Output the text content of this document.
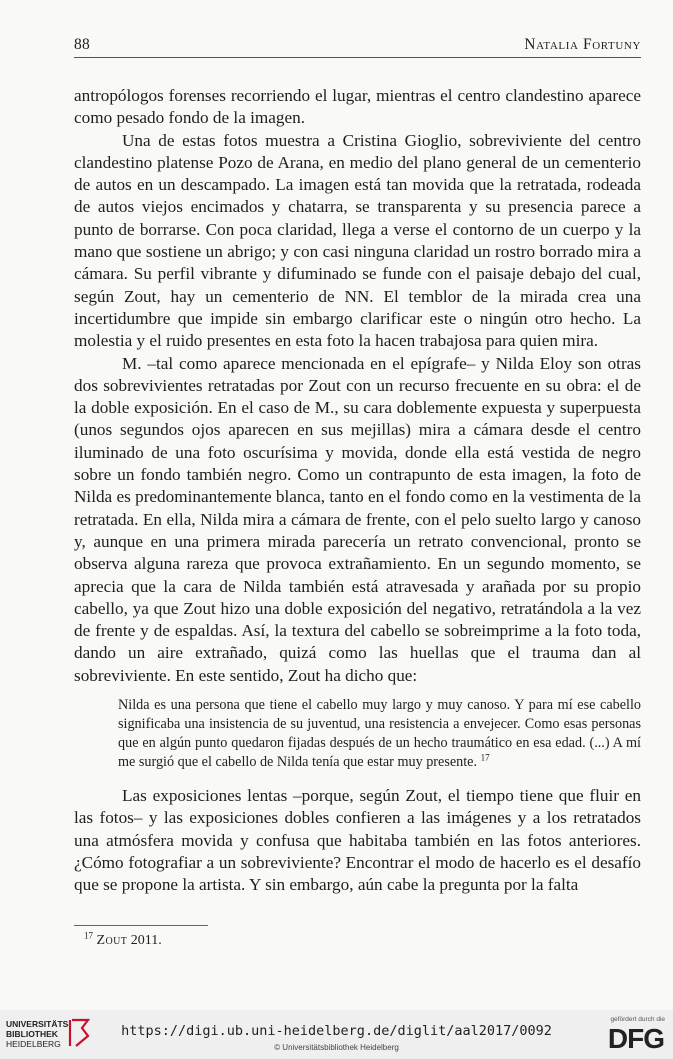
88	Natalia Fortuny

antropólogos forenses recorriendo el lugar, mientras el centro clandestino aparece como pesado fondo de la imagen.

Una de estas fotos muestra a Cristina Gioglio, sobreviviente del centro clandestino platense Pozo de Arana, en medio del plano general de un cementerio de autos en un descampado. La imagen está tan movida que la retratada, rodeada de autos viejos encimados y chatarra, se transparenta y su presencia parece a punto de borrarse. Con poca claridad, llega a verse el contorno de un cuerpo y la mano que sostiene un abrigo; y con casi ninguna claridad un rostro borrado mira a cámara. Su perfil vibrante y difuminado se funde con el paisaje debajo del cual, según Zout, hay un cementerio de NN. El temblor de la mirada crea una incertidumbre que impide sin embargo clarificar este o ningún otro hecho. La molestia y el ruido presentes en esta foto la hacen trabajosa para quien mira.

M. –tal como aparece mencionada en el epígrafe– y Nilda Eloy son otras dos sobrevivientes retratadas por Zout con un recurso frecuente en su obra: el de la doble exposición. En el caso de M., su cara doblemente expuesta y superpuesta (unos segundos ojos aparecen en sus mejillas) mira a cámara desde el centro iluminado de una foto oscurísima y movida, donde ella está vestida de negro sobre un fondo también negro. Como un contrapunto de esta imagen, la foto de Nilda es predominantemente blanca, tanto en el fondo como en la vestimenta de la retratada. En ella, Nilda mira a cámara de frente, con el pelo suelto largo y canoso y, aunque en una primera mirada parecería un retrato convencional, pronto se observa alguna rareza que provoca extrañamiento. En un segundo momento, se aprecia que la cara de Nilda también está atravesada y arañada por su propio cabello, ya que Zout hizo una doble exposición del negativo, retratándola a la vez de frente y de espaldas. Así, la textura del cabello se sobreimprime a la foto toda, dando un aire extrañado, quizá como las huellas que el trauma dan al sobreviviente. En este sentido, Zout ha dicho que:

Nilda es una persona que tiene el cabello muy largo y muy canoso. Y para mí ese cabello significaba una insistencia de su juventud, una resistencia a envejecer. Como esas personas que en algún punto quedaron fijadas después de un hecho traumático en esa edad. (...) A mí me surgió que el cabello de Nilda tenía que estar muy presente. $^{17}$

Las exposiciones lentas –porque, según Zout, el tiempo tiene que fluir en las fotos– y las exposiciones dobles confieren a las imágenes y a los retratados una atmósfera movida y confusa que habitaba también en las fotos anteriores. ¿Cómo fotografiar a un sobreviviente? Encontrar el modo de hacerlo es el desafío que se propone la artista. Y sin embargo, aún cabe la pregunta por la falta

$^{17}$ Zout 2011.
UNIVERSITÄTS-
BIBLIOTHEK
HEIDELBERG
https://digi.ub.uni-heidelberg.de/diglit/aal2017/0092
© Universitätsbibliothek Heidelberg
gefördert durch die
DFG
